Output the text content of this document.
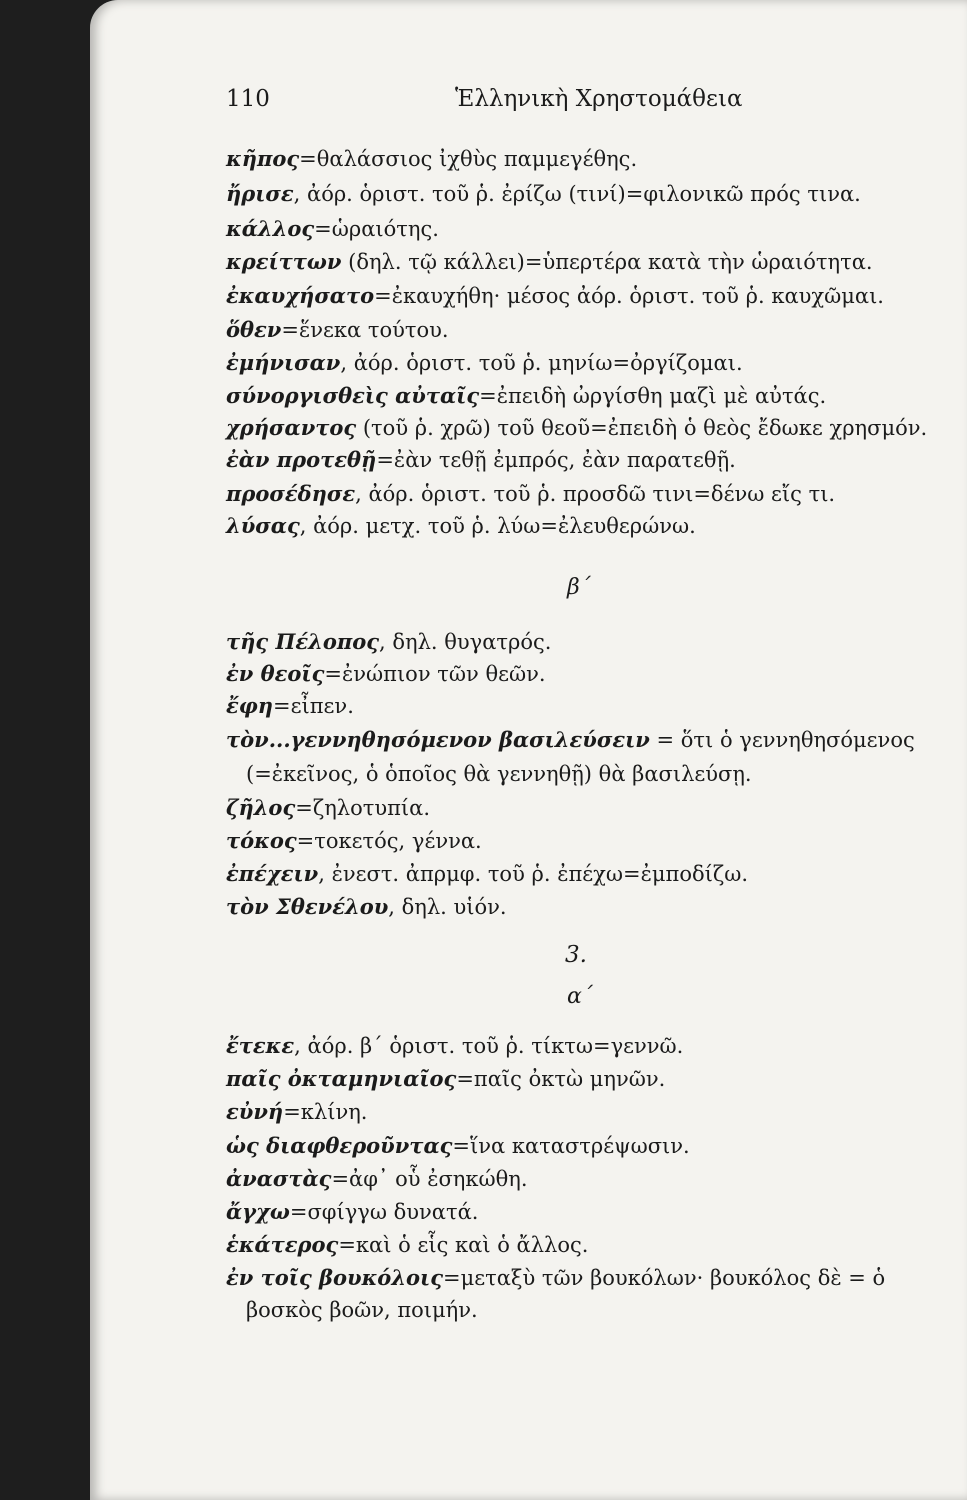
110	Ἑλληνικὴ Χρηστομάθεια
κῆπος=θαλάσσιος ἰχθὺς παμμεγέθης.
ἤρισε, ἀόρ. ὁριστ. τοῦ ῥ. ἐρίζω (τινί)=φιλονικῶ πρός τινα.
κάλλος=ὡραιότης.
κρείττων (δηλ. τῷ κάλλει)=ὑπερτέρα κατὰ τὴν ὡραιότητα.
ἐκαυχήσατο=ἐκαυχήθη· μέσος ἀόρ. ὁριστ. τοῦ ῥ. καυχῶμαι.
ὅθεν=ἕνεκα τούτου.
ἐμήνισαν, ἀόρ. ὁριστ. τοῦ ῥ. μηνίω=ὀργίζομαι.
σύνοργισθεὶς αὐταῖς=ἐπειδὴ ὠργίσθη μαζὶ μὲ αὐτάς.
χρήσαντος (τοῦ ῥ. χρῶ) τοῦ θεοῦ=ἐπειδὴ ὁ θεὸς ἔδωκε χρησμόν.
ἐὰν προτεθῇ=ἐὰν τεθῇ ἐμπρός, ἐὰν παρατεθῇ.
προσέδησε, ἀόρ. ὁριστ. τοῦ ῥ. προσδῶ τινι=δένω εἴς τι.
λύσας, ἀόρ. μετχ. τοῦ ῥ. λύω=ἐλευθερώνω.
β΄
τῆς Πέλοπος, δηλ. θυγατρός.
ἐν θεοῖς=ἐνώπιον τῶν θεῶν.
ἔφη=εἶπεν.
τὸν...γεννηθησόμενον βασιλεύσειν = ὅτι ὁ γεννηθησόμενος
(=ἐκεῖνος, ὁ ὁποῖος θὰ γεννηθῇ) θὰ βασιλεύσῃ.
ζῆλος=ζηλοτυπία.
τόκος=τοκετός, γέννα.
ἐπέχειν, ἐνεστ. ἀπρμφ. τοῦ ῥ. ἐπέχω=ἐμποδίζω.
τὸν Σθενέλου, δηλ. υἱόν.
3.
α΄
ἔτεκε, ἀόρ. β΄ ὁριστ. τοῦ ῥ. τίκτω=γεννῶ.
παῖς ὀκταμηνιαῖος=παῖς ὀκτὼ μηνῶν.
εὐνή=κλίνη.
ὡς διαφθεροῦντας=ἵνα καταστρέψωσιν.
ἀναστὰς=ἀφ᾽ οὗ ἐσηκώθη.
ἄγχω=σφίγγω δυνατά.
ἑκάτερος=καὶ ὁ εἷς καὶ ὁ ἄλλος.
ἐν τοῖς βουκόλοις=μεταξὺ τῶν βουκόλων· βουκόλος δὲ = ὁ
βοσκὸς βοῶν, ποιμήν.
